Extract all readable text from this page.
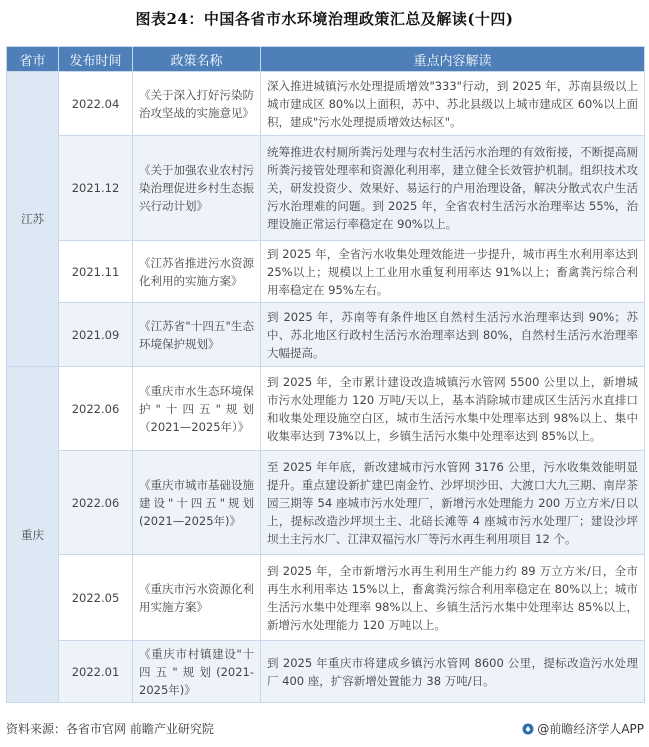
图表24：中国各省市水环境治理政策汇总及解读(十四)
省市	发布时间	政策名称	重点内容解读
江苏	2022.04	《关于深入打好污染防治攻坚战的实施意见》	深入推进城镇污水处理提质增效"333"行动，到 2025 年，苏南县级以上城市建成区 80%以上面积，苏中、苏北县级以上城市建成区 60%以上面积，建成"污水处理提质增效达标区"。
	2021.12	《关于加强农业农村污染治理促进乡村生态振兴行动计划》	统筹推进农村厕所粪污处理与农村生活污水治理的有效衔接，不断提高厕所粪污接管处理率和资源化利用率，建立健全长效管护机制。组织技术攻关，研发投资少、效果好、易运行的户用治理设备，解决分散式农户生活污水治理难的问题。到 2025 年，全省农村生活污水治理率达 55%，治理设施正常运行率稳定在 90%以上。
	2021.11	《江苏省推进污水资源化利用的实施方案》	到 2025 年，全省污水收集处理效能进一步提升，城市再生水利用率达到 25%以上；规模以上工业用水重复利用率达 91%以上；畜禽粪污综合利用率稳定在 95%左右。
	2021.09	《江苏省"十四五"生态环境保护规划》	到 2025 年，苏南等有条件地区自然村生活污水治理率达到 90%；苏中、苏北地区行政村生活污水治理率达到 80%，自然村生活污水治理率大幅提高。
重庆	2022.06	《重庆市水生态环境保护"十四五"规划（2021—2025年）》	到 2025 年，全市累计建设改造城镇污水管网 5500 公里以上，新增城市污水处理能力 120 万吨/天以上，基本消除城市建成区生活污水直排口和收集处理设施空白区，城市生活污水集中处理率达到 98%以上、集中收集率达到 73%以上，乡镇生活污水集中处理率达到 85%以上。
	2022.06	《重庆市城市基础设施建设"十四五"规划(2021—2025年)》	至 2025 年年底，新改建城市污水管网 3176 公里，污水收集效能明显提升。重点建设新扩建巴南金竹、沙坪坝沙田、大渡口大九三期、南岸茶园三期等 54 座城市污水处理厂，新增污水处理能力 200 万立方米/日以上，提标改造沙坪坝土主、北碚长滩等 4 座城市污水处理厂；建设沙坪坝土主污水厂、江津双福污水厂等污水再生利用项目 12 个。
	2022.05	《重庆市污水资源化利用实施方案》	到 2025 年，全市新增污水再生利用生产能力约 89 万立方米/日，全市再生水利用率达 15%以上，畜禽粪污综合利用率稳定在 80%以上；城市生活污水集中处理率 98%以上、乡镇生活污水集中处理率达 85%以上，新增污水处理能力 120 万吨以上。
	2022.01	《重庆市村镇建设"十四五"规划(2021-2025年)》	到 2025 年重庆市将建成乡镇污水管网 8600 公里，提标改造污水处理厂 400 座，扩容新增处置能力 38 万吨/日。
资料来源：各省市官网 前瞻产业研究院	@前瞻经济学人APP
